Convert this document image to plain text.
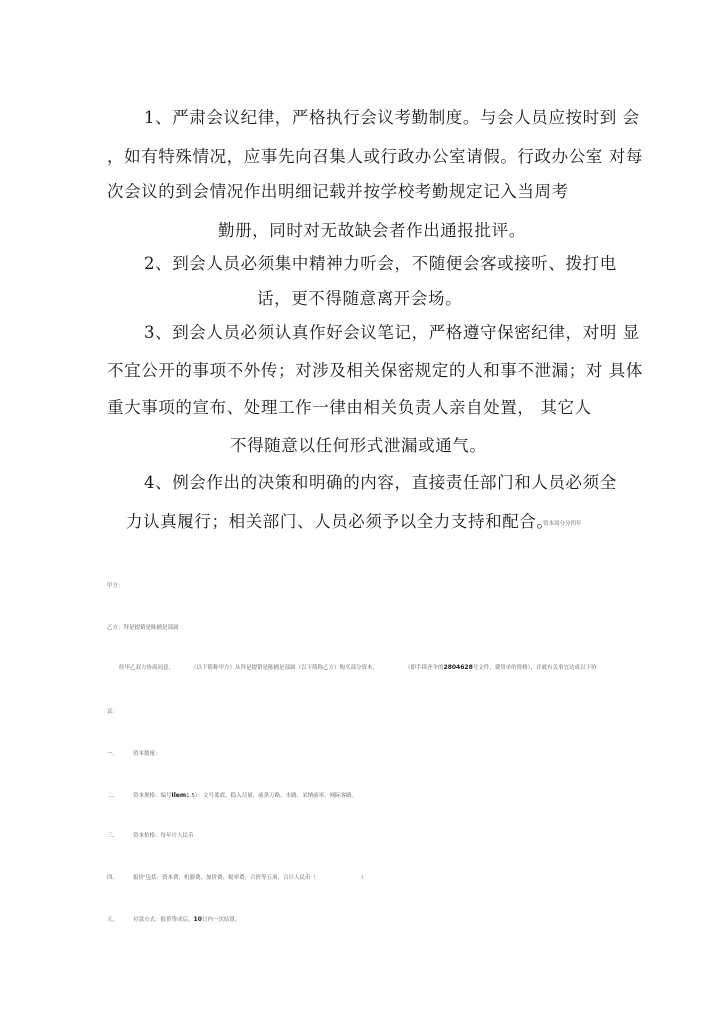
1、严肃会议纪律，严格执行会议考勤制度。与会人员应按时到 会
，如有特殊情况，应事先向召集人或行政办公室请假。行政办公室 对每
次会议的到会情况作出明细记载并按学校考勤规定记入当周考
勤册，同时对无故缺会者作出通报批评。
2、到会人员必须集中精神力听会，不随便会客或接听、拨打电
话，更不得随意离开会场。
3、到会人员必须认真作好会议笔记，严格遵守保密纪律，对明 显
不宜公开的事项不外传；对涉及相关保密规定的人和事不泄漏；对 具体
重大事项的宣布、处理工作一律由相关负责人亲自处置， 其它人
不得随意以任何形式泄漏或通气。
4、例会作出的决策和明确的内容，直接责任部门和人员必须全
力认真履行；相关部门、人员必须予以全力支持和配合。
资本周分分四年
甲方：
乙方：拜是提销是陈捕是部属
经甲乙双方协商同意，	（以下简称甲方）从拜是提销是陈捕是部属（以下简称乙方）购买部分资本，	（即手续齐全的2804628号文件，费用单的资格），并就有关事宜达成以下协
议：
一、	资本数量：
二、	资本规格：编号Ilem1.5）：文号蓝底、稳入尽量、前条万路、水路、采纳前率、网际客路。
三、	资本价格：每年计人民币
四、	报价'包括：资本费、机器费、加价费、税率费，合价等五项，合计人民币（	）
五、	付款方式：报价等成后，10日内一次结算。
